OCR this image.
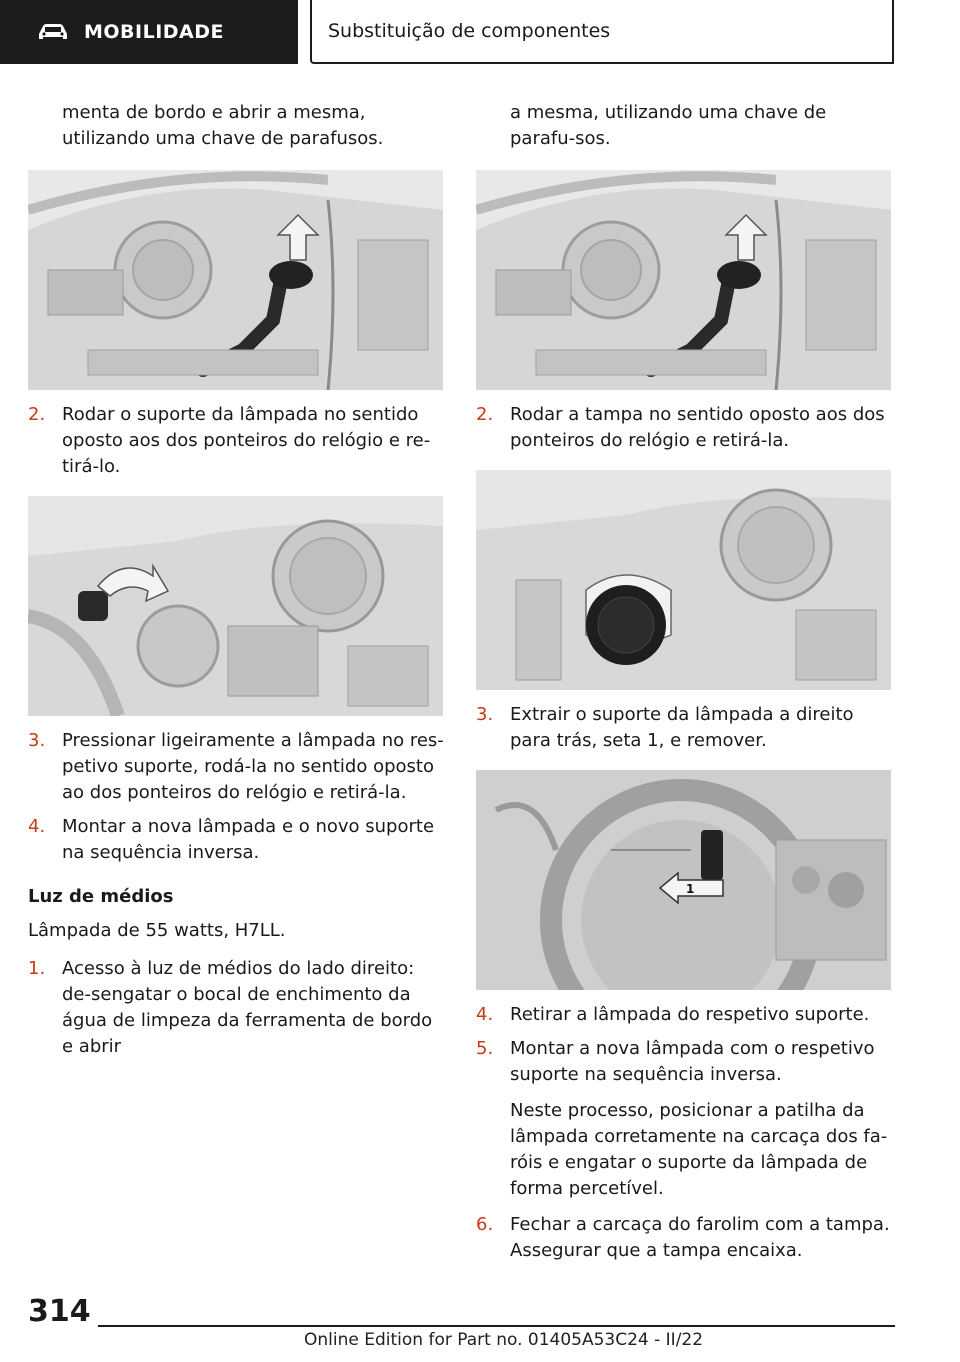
MOBILIDADE	Substituição de componentes

menta de bordo e abrir a mesma, utilizando uma chave de parafusos.

2. Rodar o suporte da lâmpada no sentido oposto aos dos ponteiros do relógio e re-tirá-lo.
3. Pressionar ligeiramente a lâmpada no res-petivo suporte, rodá-la no sentido oposto ao dos ponteiros do relógio e retirá-la.
4. Montar a nova lâmpada e o novo suporte na sequência inversa.

Luz de médios

Lâmpada de 55 watts, H7LL.

1. Acesso à luz de médios do lado direito: de-sengatar o bocal de enchimento da água de limpeza da ferramenta de bordo e abrir

a mesma, utilizando uma chave de parafu-sos.

2. Rodar a tampa no sentido oposto aos dos ponteiros do relógio e retirá-la.
3. Extrair o suporte da lâmpada a direito para trás, seta 1, e remover.
1
4. Retirar a lâmpada do respetivo suporte.
5. Montar a nova lâmpada com o respetivo suporte na sequência inversa.

Neste processo, posicionar a patilha da lâmpada corretamente na carcaça dos fa-róis e engatar o suporte da lâmpada de forma percetível.

6. Fechar a carcaça do farolim com a tampa. Assegurar que a tampa encaixa.
314
Online Edition for Part no. 01405A53C24 - II/22
